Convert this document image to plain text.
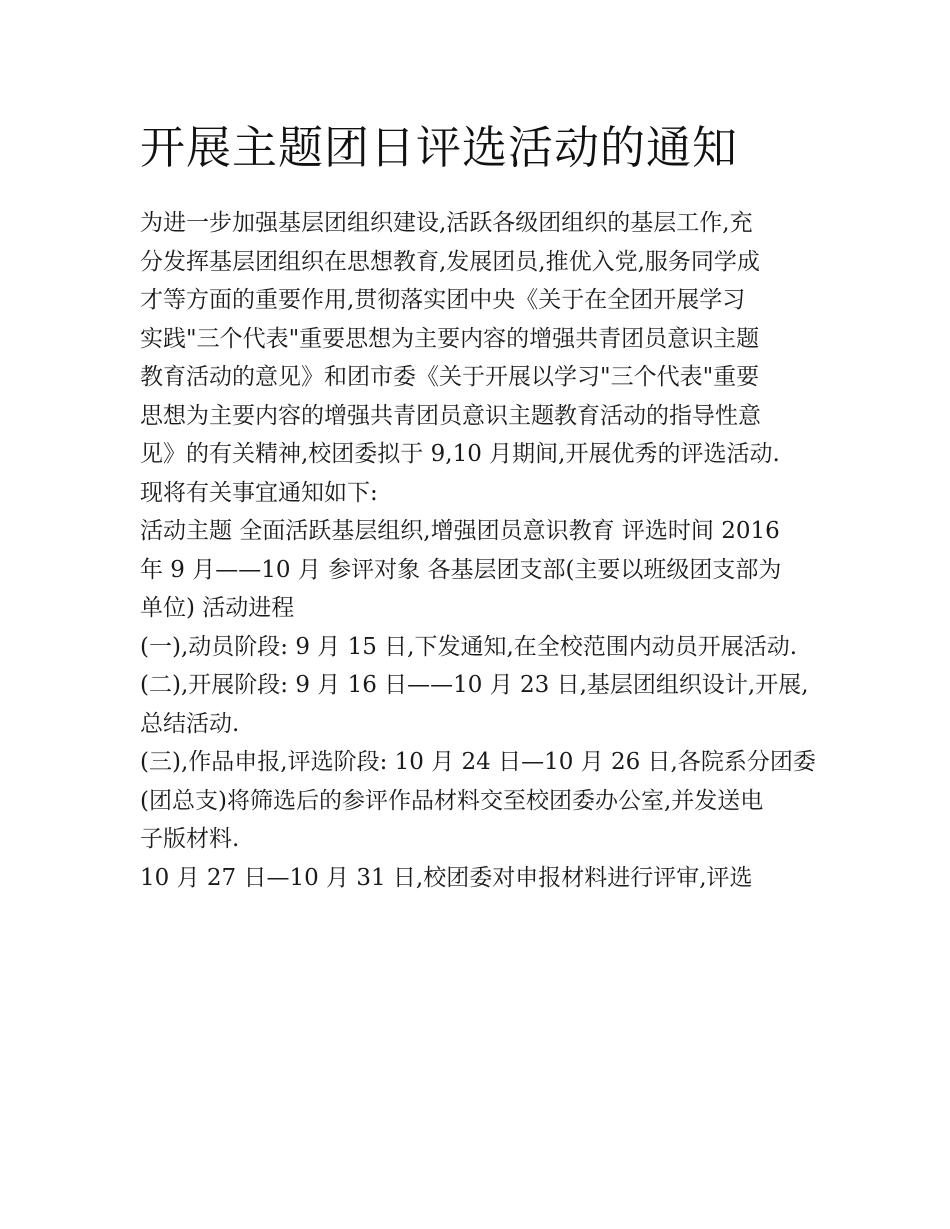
开展主题团日评选活动的通知

为进一步加强基层团组织建设,活跃各级团组织的基层工作,充

分发挥基层团组织在思想教育,发展团员,推优入党,服务同学成

才等方面的重要作用,贯彻落实团中央《关于在全团开展学习

实践"三个代表"重要思想为主要内容的增强共青团员意识主题

教育活动的意见》和团市委《关于开展以学习"三个代表"重要

思想为主要内容的增强共青团员意识主题教育活动的指导性意

见》的有关精神,校团委拟于 9,10 月期间,开展优秀的评选活动.

现将有关事宜通知如下:

活动主题 全面活跃基层组织,增强团员意识教育 评选时间 2016

年 9 月——10 月 参评对象 各基层团支部(主要以班级团支部为

单位) 活动进程

(一),动员阶段: 9 月 15 日,下发通知,在全校范围内动员开展活动.

(二),开展阶段: 9 月 16 日——10 月 23 日,基层团组织设计,开展,

总结活动.

(三),作品申报,评选阶段: 10 月 24 日—10 月 26 日,各院系分团委

(团总支)将筛选后的参评作品材料交至校团委办公室,并发送电

子版材料.

10 月 27 日—10 月 31 日,校团委对申报材料进行评审,评选
